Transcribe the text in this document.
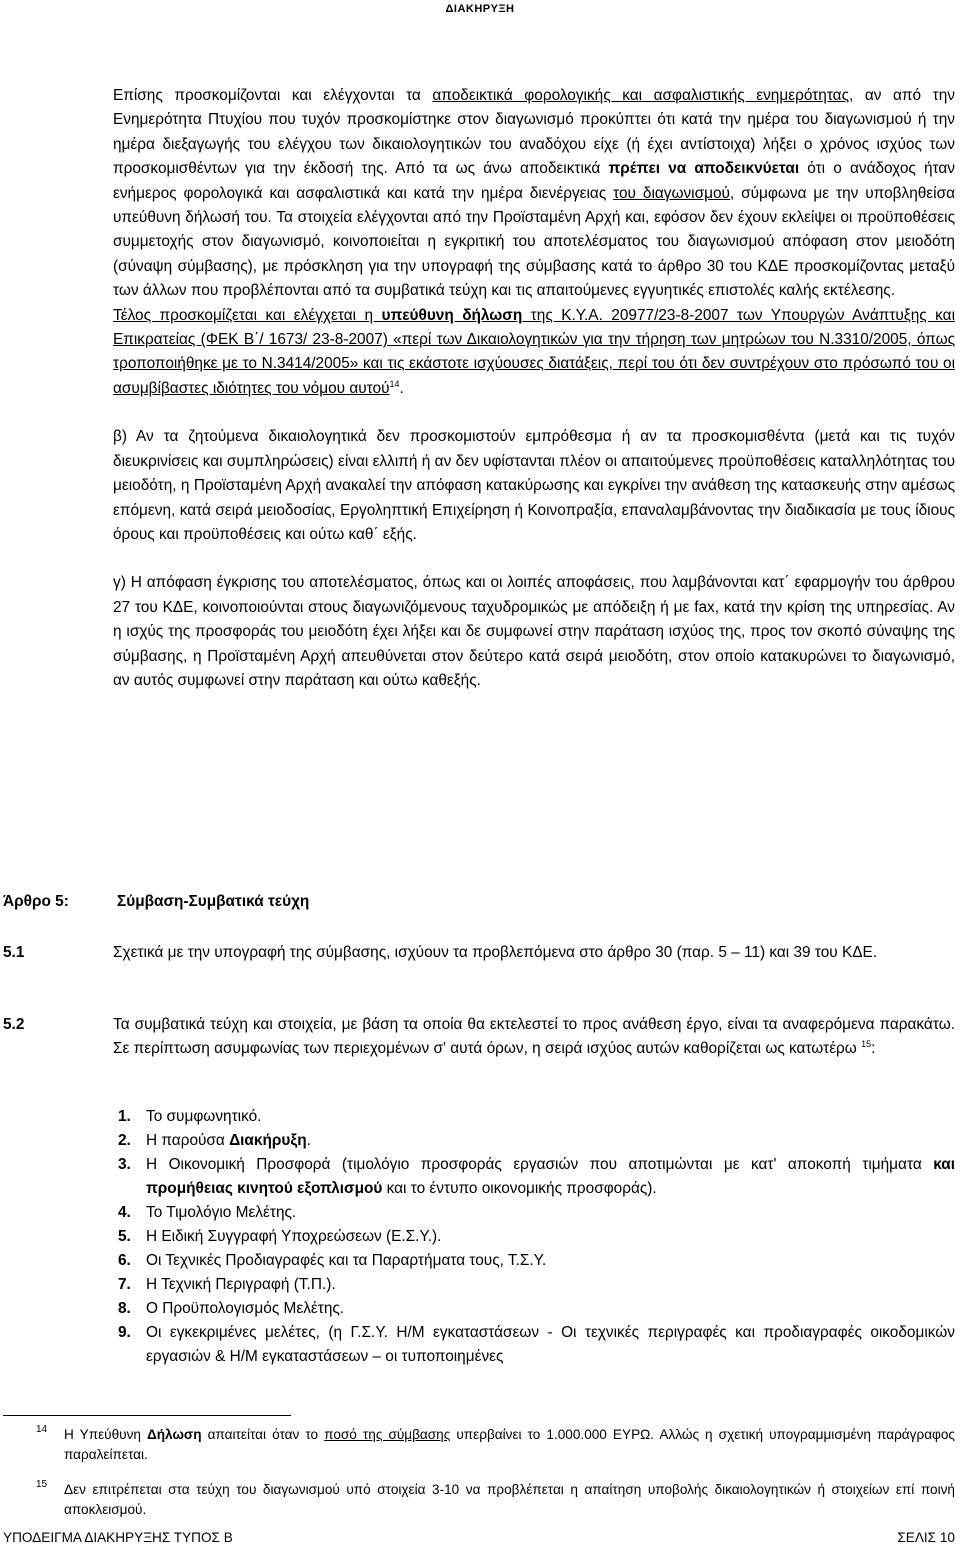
ΔΙΑΚΗΡΥΞΗ

Επίσης προσκομίζονται και ελέγχονται τα αποδεικτικά φορολογικής και ασφαλιστικής ενημερότητας, αν από την Ενημερότητα Πτυχίου που τυχόν προσκομίστηκε στον διαγωνισμό προκύπτει ότι κατά την ημέρα του διαγωνισμού ή την ημέρα διεξαγωγής του ελέγχου των δικαιολογητικών του αναδόχου είχε (ή έχει αντίστοιχα) λήξει ο χρόνος ισχύος των προσκομισθέντων για την έκδοσή της. Από τα ως άνω αποδεικτικά πρέπει να αποδεικνύεται ότι ο ανάδοχος ήταν ενήμερος φορολογικά και ασφαλιστικά και κατά την ημέρα διενέργειας του διαγωνισμού, σύμφωνα με την υποβληθείσα υπεύθυνη δήλωσή του. Τα στοιχεία ελέγχονται από την Προϊσταμένη Αρχή και, εφόσον δεν έχουν εκλείψει οι προϋποθέσεις συμμετοχής στον διαγωνισμό, κοινοποιείται η εγκριτική του αποτελέσματος του διαγωνισμού απόφαση στον μειοδότη (σύναψη σύμβασης), με πρόσκληση για την υπογραφή της σύμβασης κατά το άρθρο 30 του ΚΔΕ προσκομίζοντας μεταξύ των άλλων που προβλέπονται από τα συμβατικά τεύχη και τις απαιτούμενες εγγυητικές επιστολές καλής εκτέλεσης.

Τέλος προσκομίζεται και ελέγχεται η υπεύθυνη δήλωση της Κ.Υ.Α. 20977/23-8-2007 των Υπουργών Ανάπτυξης και Επικρατείας (ΦΕΚ Β΄/ 1673/ 23-8-2007) «περί των Δικαιολογητικών για την τήρηση των μητρώων του Ν.3310/2005, όπως τροποποιήθηκε με το Ν.3414/2005» και τις εκάστοτε ισχύουσες διατάξεις, περί του ότι δεν συντρέχουν στο πρόσωπό του οι ασυμβίβαστες ιδιότητες του νόμου αυτού$^{14}$.

β) Αν τα ζητούμενα δικαιολογητικά δεν προσκομιστούν εμπρόθεσμα ή αν τα προσκομισθέντα (μετά και τις τυχόν διευκρινίσεις και συμπληρώσεις) είναι ελλιπή ή αν δεν υφίστανται πλέον οι απαιτούμενες προϋποθέσεις καταλληλότητας του μειοδότη, η Προϊσταμένη Αρχή ανακαλεί την απόφαση κατακύρωσης και εγκρίνει την ανάθεση της κατασκευής στην αμέσως επόμενη, κατά σειρά μειοδοσίας, Εργοληπτική Επιχείρηση ή Κοινοπραξία, επαναλαμβάνοντας την διαδικασία με τους ίδιους όρους και προϋποθέσεις και ούτω καθ΄ εξής.

γ) Η απόφαση έγκρισης του αποτελέσματος, όπως και οι λοιπές αποφάσεις, που λαμβάνονται κατ΄ εφαρμογήν του άρθρου 27 του ΚΔΕ, κοινοποιούνται στους διαγωνιζόμενους ταχυδρομικώς με απόδειξη ή με fax, κατά την κρίση της υπηρεσίας. Αν η ισχύς της προσφοράς του μειοδότη έχει λήξει και δε συμφωνεί στην παράταση ισχύος της, προς τον σκοπό σύναψης της σύμβασης, η Προϊσταμένη Αρχή απευθύνεται στον δεύτερο κατά σειρά μειοδότη, στον οποίο κατακυρώνει το διαγωνισμό, αν αυτός συμφωνεί στην παράταση και ούτω καθεξής.

Άρθρο 5:	Σύμβαση-Συμβατικά τεύχη
5.1	Σχετικά με την υπογραφή της σύμβασης, ισχύουν τα προβλεπόμενα στο άρθρο 30 (παρ. 5 – 11) και 39 του ΚΔΕ.
5.2	Τα συμβατικά τεύχη και στοιχεία, με βάση τα οποία θα εκτελεστεί το προς ανάθεση έργο, είναι τα αναφερόμενα παρακάτω. Σε περίπτωση ασυμφωνίας των περιεχομένων σ' αυτά όρων, η σειρά ισχύος αυτών καθορίζεται ως κατωτέρω $^{15}$:
1. Το συμφωνητικό.
2. Η παρούσα Διακήρυξη.
3. Η Οικονομική Προσφορά (τιμολόγιο προσφοράς εργασιών που αποτιμώνται με κατ' αποκοπή τιμήματα και προμήθειας κινητού εξοπλισμού και το έντυπο οικονομικής προσφοράς).
4. Το Τιμολόγιο Μελέτης.
5. Η Ειδική Συγγραφή Υποχρεώσεων (Ε.Σ.Υ.).
6. Οι Τεχνικές Προδιαγραφές και τα Παραρτήματα τους, Τ.Σ.Υ.
7. Η Τεχνική Περιγραφή (Τ.Π.).
8. Ο Προϋπολογισμός Μελέτης.
9. Οι εγκεκριμένες μελέτες, (η Γ.Σ.Υ. Η/Μ εγκαταστάσεων - Οι τεχνικές περιγραφές και προδιαγραφές οικοδομικών εργασιών & Η/Μ εγκαταστάσεων – οι τυποποιημένες
14 Η Υπεύθυνη Δήλωση απαιτείται όταν το ποσό της σύμβασης υπερβαίνει το 1.000.000 ΕΥΡΩ. Αλλώς η σχετική υπογραμμισμένη παράγραφος παραλείπεται.
15 Δεν επιτρέπεται στα τεύχη του διαγωνισμού υπό στοιχεία 3-10 να προβλέπεται η απαίτηση υποβολής δικαιολογητικών ή στοιχείων επί ποινή αποκλεισμού.
ΥΠΟΔΕΙΓΜΑ ΔΙΑΚΗΡΥΞΗΣ ΤΥΠΟΣ Β	ΣΕΛΙΣ 10
